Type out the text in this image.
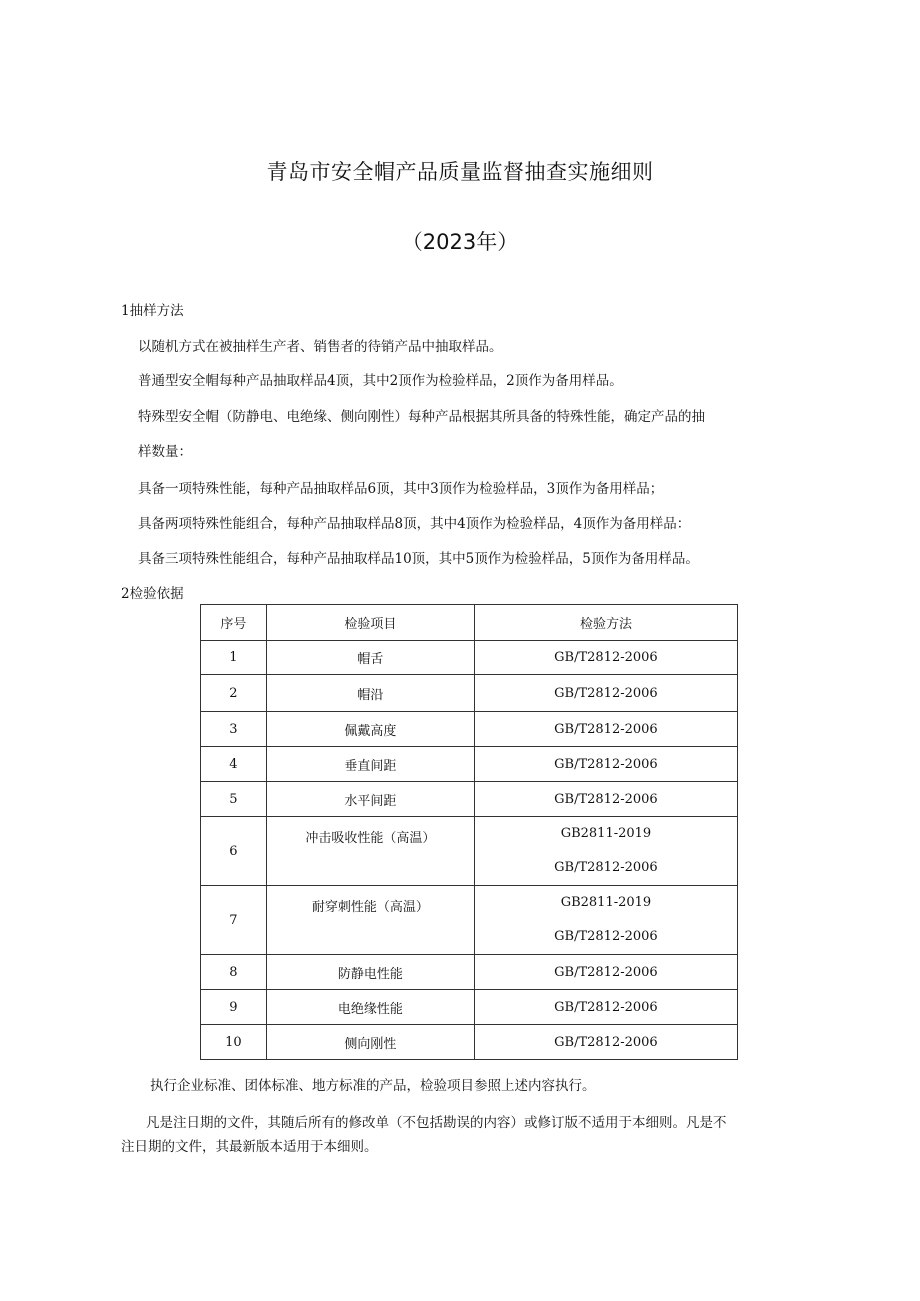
青岛市安全帽产品质量监督抽查实施细则
（2023年）
1抽样方法
以随机方式在被抽样生产者、销售者的待销产品中抽取样品。
普通型安全帽每种产品抽取样品4顶，其中2顶作为检验样品，2顶作为备用样品。
特殊型安全帽（防静电、电绝缘、侧向刚性）每种产品根据其所具备的特殊性能，确定产品的抽
样数量：
具备一项特殊性能，每种产品抽取样品6顶，其中3顶作为检验样品，3顶作为备用样品；
具备两项特殊性能组合，每种产品抽取样品8顶，其中4顶作为检验样品，4顶作为备用样品：
具备三项特殊性能组合，每种产品抽取样品10顶，其中5顶作为检验样品，5顶作为备用样品。
2检验依据
序号	检验项目	检验方法
1	帽舌	GB/T2812-2006
2	帽沿	GB/T2812-2006
3	佩戴高度	GB/T2812-2006
4	垂直间距	GB/T2812-2006
5	水平间距	GB/T2812-2006
6	冲击吸收性能（高温）	GB2811-2019
GB/T2812-2006

7	耐穿刺性能（高温）	GB2811-2019
GB/T2812-2006

8	防静电性能	GB/T2812-2006
9	电绝缘性能	GB/T2812-2006
10	侧向刚性	GB/T2812-2006
执行企业标准、团体标准、地方标准的产品，检验项目参照上述内容执行。
凡是注日期的文件，其随后所有的修改单（不包括勘误的内容）或修订版不适用于本细则。凡是不
注日期的文件，其最新版本适用于本细则。
